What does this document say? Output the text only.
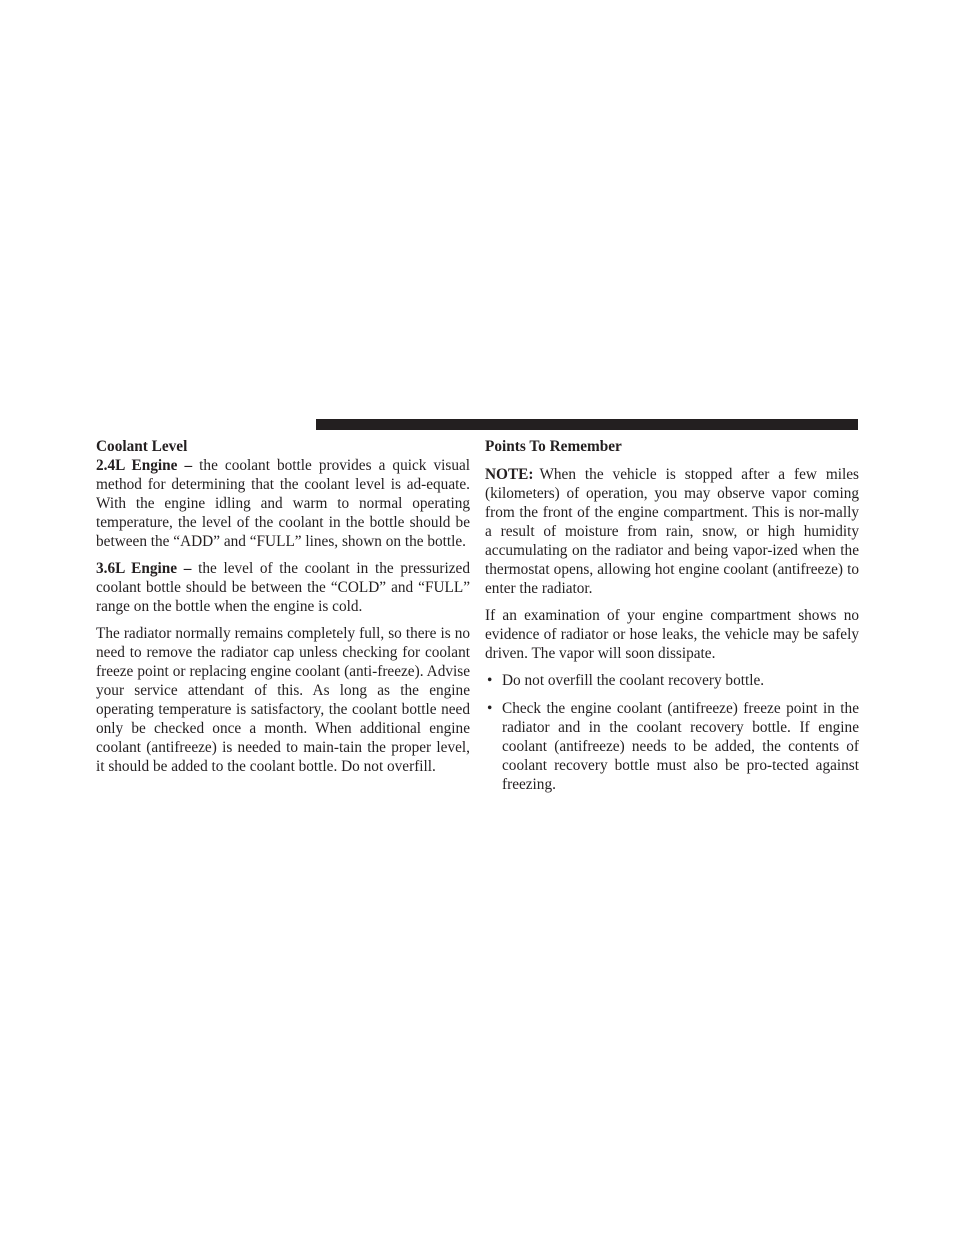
Coolant Level

2.4L Engine – the coolant bottle provides a quick visual method for determining that the coolant level is ad-equate. With the engine idling and warm to normal operating temperature, the level of the coolant in the bottle should be between the “ADD” and “FULL” lines, shown on the bottle.

3.6L Engine – the level of the coolant in the pressurized coolant bottle should be between the “COLD” and “FULL” range on the bottle when the engine is cold.

The radiator normally remains completely full, so there is no need to remove the radiator cap unless checking for coolant freeze point or replacing engine coolant (anti-freeze). Advise your service attendant of this. As long as the engine operating temperature is satisfactory, the coolant bottle need only be checked once a month. When additional engine coolant (antifreeze) is needed to main-tain the proper level, it should be added to the coolant bottle. Do not overfill.

Points To Remember

NOTE: When the vehicle is stopped after a few miles (kilometers) of operation, you may observe vapor coming from the front of the engine compartment. This is nor-mally a result of moisture from rain, snow, or high humidity accumulating on the radiator and being vapor-ized when the thermostat opens, allowing hot engine coolant (antifreeze) to enter the radiator.

If an examination of your engine compartment shows no evidence of radiator or hose leaks, the vehicle may be safely driven. The vapor will soon dissipate.

• Do not overfill the coolant recovery bottle.
• Check the engine coolant (antifreeze) freeze point in the radiator and in the coolant recovery bottle. If engine coolant (antifreeze) needs to be added, the contents of coolant recovery bottle must also be pro-tected against freezing.
